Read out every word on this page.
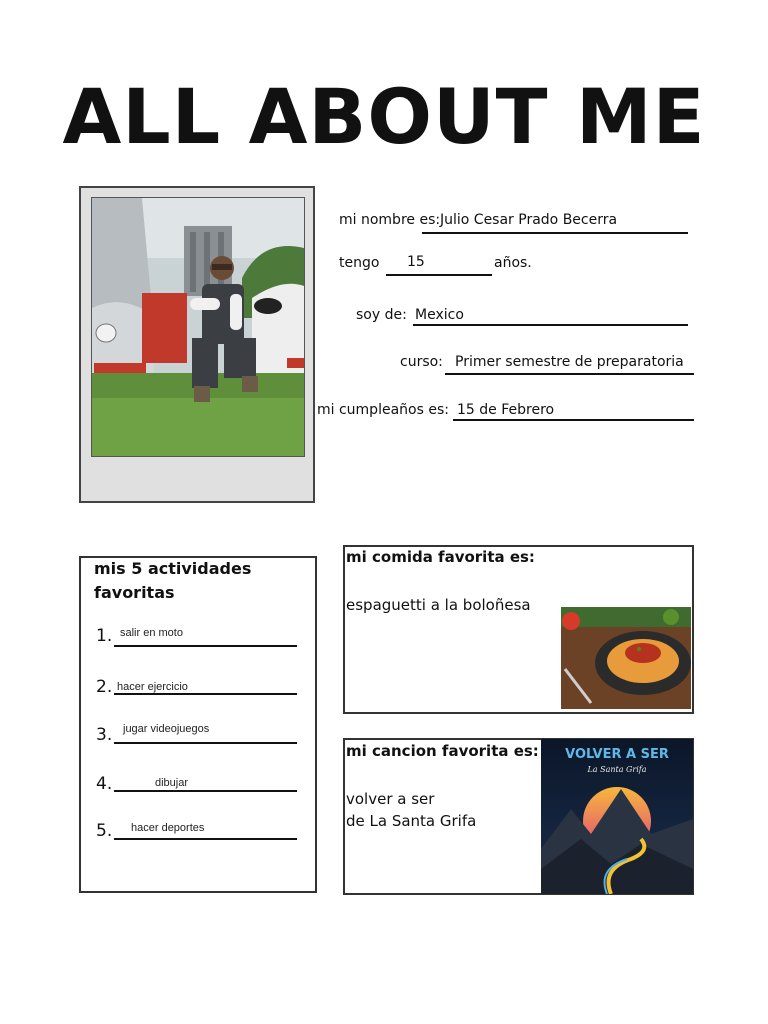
ALL ABOUT ME
mi nombre es: Julio Cesar Prado Becerra
tengo 15	años.
soy de: Mexico
curso: Primer semestre de preparatoria
mi cumpleaños es: 15 de Febrero
mis 5 actividades
favoritas
1. salir en moto
2. hacer ejercicio
3. jugar videojuegos
4.	dibujar
5. hacer deportes
mi comida favorita es:
espaguetti a la boloñesa
mi cancion favorita es:
volver a ser
de La Santa Grifa
VOLVER A SER
La Santa Grifa
